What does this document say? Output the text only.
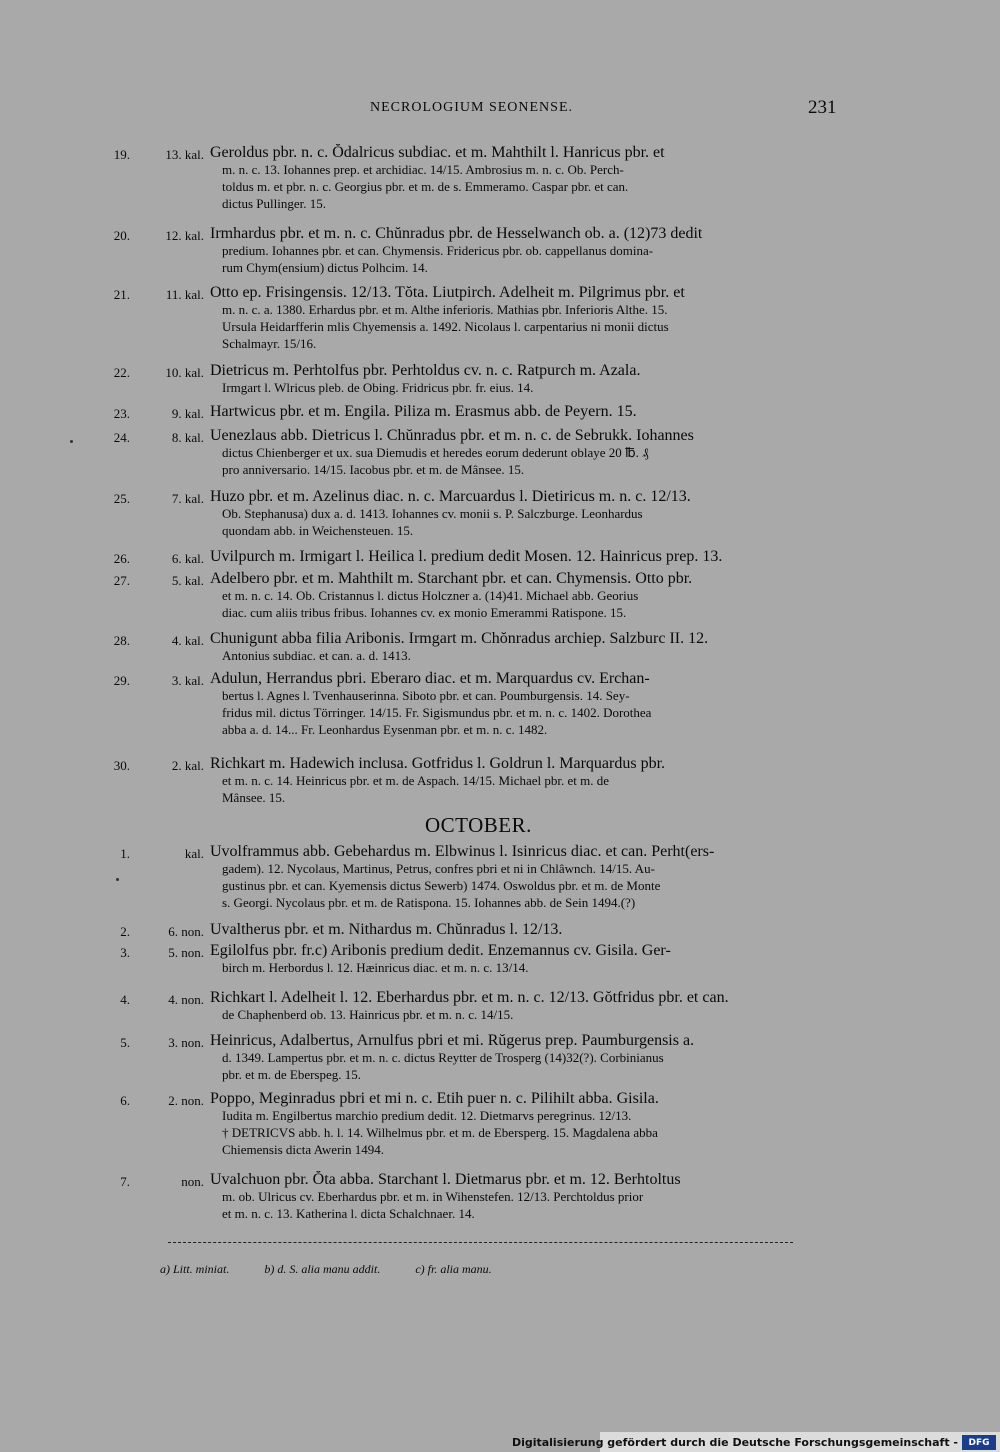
NECROLOGIUM SEONENSE.	231
19.	13. kal. Geroldus pbr. n. c. Ŏdalricus subdiac. et m. Mahthilt l. Hanricus pbr. et
m. n. c. 13. Iohannes prep. et archidiac. 14/15. Ambrosius m. n. c. Ob. Perch-
toldus m. et pbr. n. c. Georgius pbr. et m. de s. Emmeramo. Caspar pbr. et can.
dictus Pullinger. 15.
20.	12. kal. Irmhardus pbr. et m. n. c. Chŭnradus pbr. de Hesselwanch ob. a. (12)73 dedit
predium. Iohannes pbr. et can. Chymensis. Fridericus pbr. ob. cappellanus domina-
rum Chym(ensium) dictus Polhcim. 14.
21.	11. kal. Otto ep. Frisingensis. 12/13. Tŏta. Liutpirch. Adelheit m. Pilgrimus pbr. et
m. n. c. a. 1380. Erhardus pbr. et m. Althe inferioris. Mathias pbr. Inferioris Althe. 15.
Ursula Heidarfferin mlis Chyemensis a. 1492. Nicolaus l. carpentarius ni monii dictus
Schalmayr. 15/16.
22.	10. kal. Dietricus m. Perhtolfus pbr. Perhtoldus cv. n. c. Ratpurch m. Azala.
Irmgart l. Wlricus pleb. de Obing. Fridricus pbr. fr. eius. 14.
23.	9. kal. Hartwicus pbr. et m. Engila. Piliza m. Erasmus abb. de Peyern. 15.
24.	8. kal. Uenezlaus abb. Dietricus l. Chŭnradus pbr. et m. n. c. de Sebrukk. Iohannes
dictus Chienberger et ux. sua Diemudis et heredes eorum dederunt oblaye 20 ℔. ₰
pro anniversario. 14/15. Iacobus pbr. et m. de Mânsee. 15.
25.	7. kal. Huzo pbr. et m. Azelinus diac. n. c. Marcuardus l. Dietiricus m. n. c. 12/13.
Ob. Stephanusa) dux a. d. 1413. Iohannes cv. monii s. P. Salczburge. Leonhardus
quondam abb. in Weichensteuen. 15.
26.	6. kal. Uvilpurch m. Irmigart l. Heilica l. predium dedit Mosen. 12. Hainricus prep. 13.
27.	5. kal. Adelbero pbr. et m. Mahthilt m. Starchant pbr. et can. Chymensis. Otto pbr.
et m. n. c. 14. Ob. Cristannus l. dictus Holczner a. (14)41. Michael abb. Georius
diac. cum aliis tribus fribus. Iohannes cv. ex monio Emerammi Ratispone. 15.
28.	4. kal. Chunigunt abba filia Aribonis. Irmgart m. Chŏnradus archiep. Salzburc II. 12.
Antonius subdiac. et can. a. d. 1413.
29.	3. kal. Adulun, Herrandus pbri. Eberaro diac. et m. Marquardus cv. Erchan-
bertus l. Agnes l. Tvenhauserinna. Siboto pbr. et can. Poumburgensis. 14. Sey-
fridus mil. dictus Törringer. 14/15. Fr. Sigismundus pbr. et m. n. c. 1402. Dorothea
abba a. d. 14... Fr. Leonhardus Eysenman pbr. et m. n. c. 1482.
30.	2. kal. Richkart m. Hadewich inclusa. Gotfridus l. Goldrun l. Marquardus pbr.
et m. n. c. 14. Heinricus pbr. et m. de Aspach. 14/15. Michael pbr. et m. de
Mânsee. 15.
OCTOBER.
1.	kal. Uvolframmus abb. Gebehardus m. Elbwinus l. Isinricus diac. et can. Perht(ers-
gadem). 12. Nycolaus, Martinus, Petrus, confres pbri et ni in Chlâwnch. 14/15. Au-
gustinus pbr. et can. Kyemensis dictus Sewerb) 1474. Oswoldus pbr. et m. de Monte
s. Georgi. Nycolaus pbr. et m. de Ratispona. 15. Iohannes abb. de Sein 1494.(?)
2.	6. non. Uvaltherus pbr. et m. Nithardus m. Chŭnradus l. 12/13.
3.	5. non. Egilolfus pbr. fr.c) Aribonis predium dedit. Enzemannus cv. Gisila. Ger-
birch m. Herbordus l. 12. Hæinricus diac. et m. n. c. 13/14.
4.	4. non. Richkart l. Adelheit l. 12. Eberhardus pbr. et m. n. c. 12/13. Gŏtfridus pbr. et can.
de Chaphenberd ob. 13. Hainricus pbr. et m. n. c. 14/15.
5.	3. non. Heinricus, Adalbertus, Arnulfus pbri et mi. Rŭgerus prep. Paumburgensis a.
d. 1349. Lampertus pbr. et m. n. c. dictus Reytter de Trosperg (14)32(?). Corbinianus
pbr. et m. de Eberspeg. 15.
6.	2. non. Poppo, Meginradus pbri et mi n. c. Etih puer n. c. Pilihilt abba. Gisila.
Iudita m. Engilbertus marchio predium dedit. 12. Dietmarvs peregrinus. 12/13.
† DETRICVS abb. h. l. 14. Wilhelmus pbr. et m. de Ebersperg. 15. Magdalena abba
Chiemensis dicta Awerin 1494.
7.	non. Uvalchuon pbr. Ŏta abba. Starchant l. Dietmarus pbr. et m. 12. Berhtoltus
m. ob. Ulricus cv. Eberhardus pbr. et m. in Wihenstefen. 12/13. Perchtoldus prior
et m. n. c. 13. Katherina l. dicta Schalchnaer. 14.
a) Litt. miniat.	b) d. S. alia manu addit.	c) fr. alia manu.
Digitalisierung gefördert durch die Deutsche Forschungsgemeinschaft -	DFG
